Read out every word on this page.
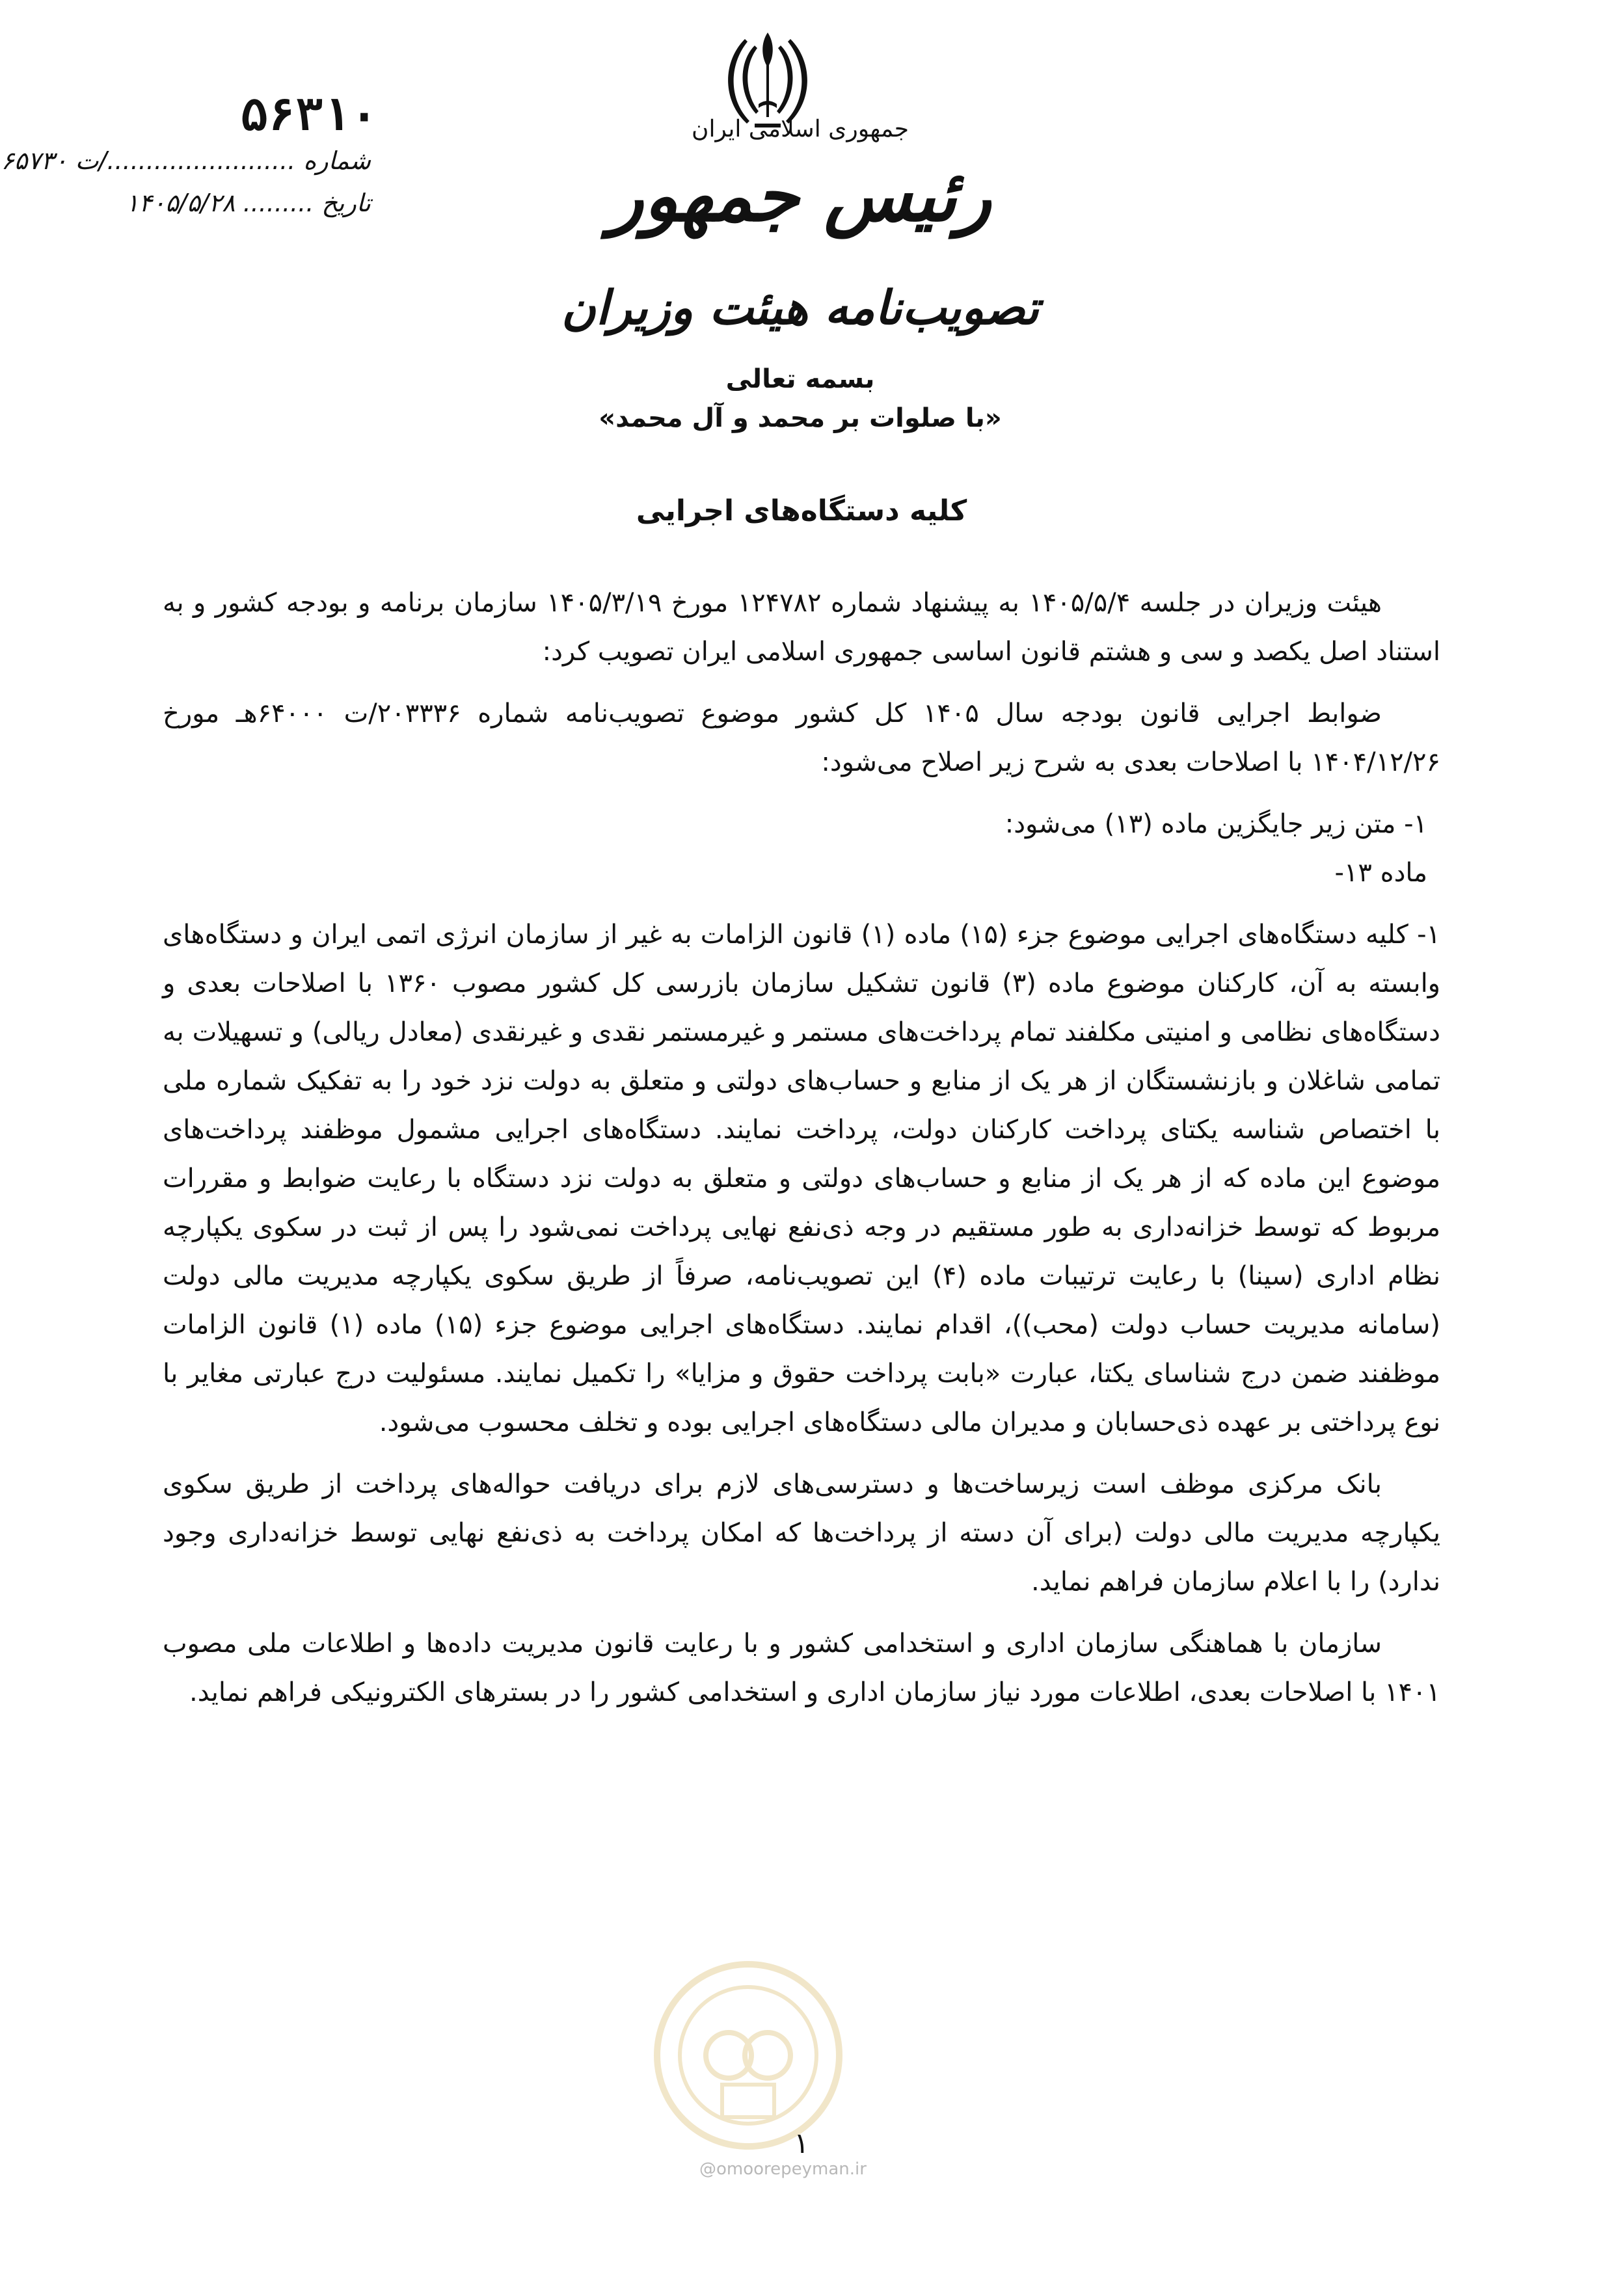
جمهوری اسلامی ایران
رئیس جمهور
تصویب‌نامه هیئت وزیران
بسمه تعالی
«با صلوات بر محمد و آل محمد»
۵۶۳۱۰
شماره ......................../ت ۶۵۷۳۰
تاریخ ......... ۱۴۰۵/۵/۲۸
کلیه دستگاه‌های اجرایی

هیئت وزیران در جلسه ۱۴۰۵/۵/۴ به پیشنهاد شماره ۱۲۴۷۸۲ مورخ ۱۴۰۵/۳/۱۹ سازمان برنامه و بودجه کشور و به استناد اصل یکصد و سی و هشتم قانون اساسی جمهوری اسلامی ایران تصویب کرد:

ضوابط اجرایی قانون بودجه سال ۱۴۰۵ کل کشور موضوع تصویب‌نامه شماره ۲۰۳۳۳۶/ت ۶۴۰۰۰هـ مورخ ۱۴۰۴/۱۲/۲۶ با اصلاحات بعدی به شرح زیر اصلاح می‌شود:

۱- متن زیر جایگزین ماده (۱۳) می‌شود:

ماده ۱۳-

۱- کلیه دستگاه‌های اجرایی موضوع جزء (۱۵) ماده (۱) قانون الزامات به غیر از سازمان انرژی اتمی ایران و دستگاه‌های وابسته به آن، کارکنان موضوع ماده (۳) قانون تشکیل سازمان بازرسی کل کشور مصوب ۱۳۶۰ با اصلاحات بعدی و دستگاه‌های نظامی و امنیتی مکلفند تمام پرداخت‌های مستمر و غیرمستمر نقدی و غیرنقدی (معادل ریالی) و تسهیلات به تمامی شاغلان و بازنشستگان از هر یک از منابع و حساب‌های دولتی و متعلق به دولت نزد خود را به تفکیک شماره ملی با اختصاص شناسه یکتای پرداخت کارکنان دولت، پرداخت نمایند. دستگاه‌های اجرایی مشمول موظفند پرداخت‌های موضوع این ماده که از هر یک از منابع و حساب‌های دولتی و متعلق به دولت نزد دستگاه با رعایت ضوابط و مقررات مربوط که توسط خزانه‌داری به طور مستقیم در وجه ذی‌نفع نهایی پرداخت نمی‌شود را پس از ثبت در سکوی یکپارچه نظام اداری (سینا) با رعایت ترتیبات ماده (۴) این تصویب‌نامه، صرفاً از طریق سکوی یکپارچه مدیریت مالی دولت (سامانه مدیریت حساب دولت (محب))، اقدام نمایند. دستگاه‌های اجرایی موضوع جزء (۱۵) ماده (۱) قانون الزامات موظفند ضمن درج شناسای یکتا، عبارت «بابت پرداخت حقوق و مزایا» را تکمیل نمایند. مسئولیت درج عبارتی مغایر با نوع پرداختی بر عهده ذی‌حسابان و مدیران مالی دستگاه‌های اجرایی بوده و تخلف محسوب می‌شود.

بانک مرکزی موظف است زیرساخت‌ها و دسترسی‌های لازم برای دریافت حواله‌های پرداخت از طریق سکوی یکپارچه مدیریت مالی دولت (برای آن دسته از پرداخت‌ها که امکان پرداخت به ذی‌نفع نهایی توسط خزانه‌داری وجود ندارد) را با اعلام سازمان فراهم نماید.

سازمان با هماهنگی سازمان اداری و استخدامی کشور و با رعایت قانون مدیریت داده‌ها و اطلاعات ملی مصوب ۱۴۰۱ با اصلاحات بعدی، اطلاعات مورد نیاز سازمان اداری و استخدامی کشور را در بسترهای الکترونیکی فراهم نماید.

۱
@omoorepeyman.ir
